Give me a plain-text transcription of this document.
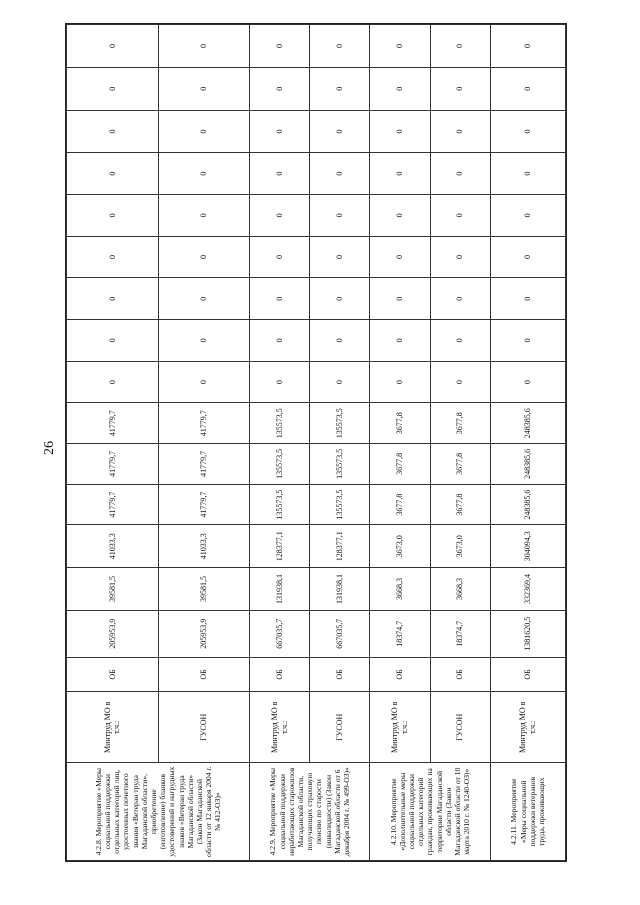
26
4.2.8. Мероприятие «Меры социальной поддержки отдельных категорий лиц, удостоенных почетного звания «Ветеран труда Магаданской области», приобретение (изготовление) бланков удостоверений и нагрудных знаков «Ветеран труда Магаданской области» (Закон Магаданской области от 12 января 2004 г. № 412-ОЗ)»	Минтруд МО в т.ч.:	ОБ	205953,9	39581,5	41033,3	41779,7	41779,7	41779,7	0	0	0	0	0	0	0	0	0
	ГУСОН	ОБ	205953,9	39581,5	41033,3	41779,7	41779,7	41779,7	0	0	0	0	0	0	0	0	0
4.2.9. Мероприятие «Меры социальной поддержки неработающих старожилов Магаданской области, получающих страховую пенсию по старости (инвалидности) (Закон Магаданской области от 6 декабря 2004 г. № 499-ОЗ)»	Минтруд МО в т.ч.:	ОБ	667035,7	131938,1	128377,1	135573,5	135573,5	135573,5	0	0	0	0	0	0	0	0	0
	ГУСОН	ОБ	667035,7	131938,1	128377,1	135573,5	135573,5	135573,5	0	0	0	0	0	0	0	0	0
4.2.10. Мероприятие «Дополнительные меры социальной поддержки отдельных категорий граждан, проживающих на территории Магаданской области (Закон Магаданской области от 10 марта 2010 г. № 1240-ОЗ)»	Минтруд МО в т.ч.:	ОБ	18374,7	3668,3	3673,0	3677,8	3677,8	3677,8	0	0	0	0	0	0	0	0	0
	ГУСОН	ОБ	18374,7	3668,3	3673,0	3677,8	3677,8	3677,8	0	0	0	0	0	0	0	0	0
4.2.11. Мероприятие «Меры социальной поддержки ветеранов труда, проживающих	Минтруд МО в т.ч.:	ОБ	1381620,5	332369,4	304094,3	248385,6	248385,6	248385,6	0	0	0	0	0	0	0	0	0
